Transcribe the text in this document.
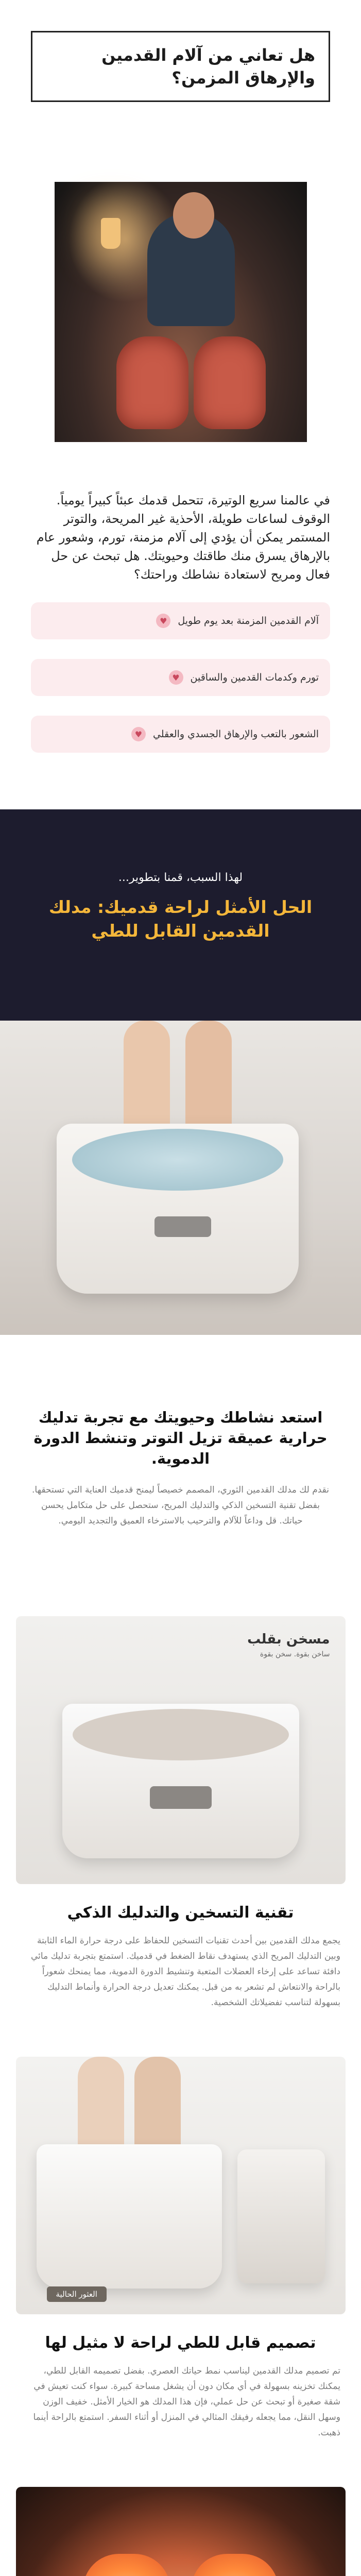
هل تعاني من آلام القدمين والإرهاق المزمن؟

في عالمنا سريع الوتيرة، تتحمل قدمك عبئاً كبيراً يومياً. الوقوف لساعات طويلة، الأحذية غير المريحة، والتوتر المستمر يمكن أن يؤدي إلى آلام مزمنة، تورم، وشعور عام بالإرهاق يسرق منك طاقتك وحيويتك. هل تبحث عن حل فعال ومريح لاستعادة نشاطك وراحتك؟

آلام القدمين المزمنة بعد يوم طويل
♥
تورم وكدمات القدمين والساقين
♥
الشعور بالتعب والإرهاق الجسدي والعقلي
♥
لهذا السبب، قمنا بتطوير...
الحل الأمثل لراحة قدميك: مدلك القدمين القابل للطي
استعد نشاطك وحيويتك مع تجربة تدليك حرارية عميقة تزيل التوتر وتنشط الدورة الدموية.

نقدم لك مدلك القدمين الثوري، المصمم خصيصاً ليمنح قدميك العناية التي تستحقها. بفضل تقنية التسخين الذكي والتدليك المريح، ستحصل على حل متكامل يحسن حياتك. قل وداعاً للآلام والترحيب بالاسترخاء العميق والتجديد اليومي.

مسخن بقلب
ساخن بقوة. سخن بقوة
تقنية التسخين والتدليك الذكي

يجمع مدلك القدمين بين أحدث تقنيات التسخين للحفاظ على درجة حرارة الماء الثابتة وبين التدليك المريح الذي يستهدف نقاط الضغط في قدميك. استمتع بتجربة تدليك مائي دافئة تساعد على إرخاء العضلات المتعبة وتنشيط الدورة الدموية، مما يمنحك شعوراً بالراحة والانتعاش لم تشعر به من قبل. يمكنك تعديل درجة الحرارة وأنماط التدليك بسهولة لتناسب تفضيلاتك الشخصية.

العثور الحالية
تصميم قابل للطي لراحة لا مثيل لها

تم تصميم مدلك القدمين ليناسب نمط حياتك العصري. بفضل تصميمه القابل للطي، يمكنك تخزينه بسهولة في أي مكان دون أن يشغل مساحة كبيرة. سواء كنت تعيش في شقة صغيرة أو تبحث عن حل عملي، فإن هذا المدلك هو الخيار الأمثل. خفيف الوزن وسهل النقل، مما يجعله رفيقك المثالي في المنزل أو أثناء السفر. استمتع بالراحة أينما ذهبت.
